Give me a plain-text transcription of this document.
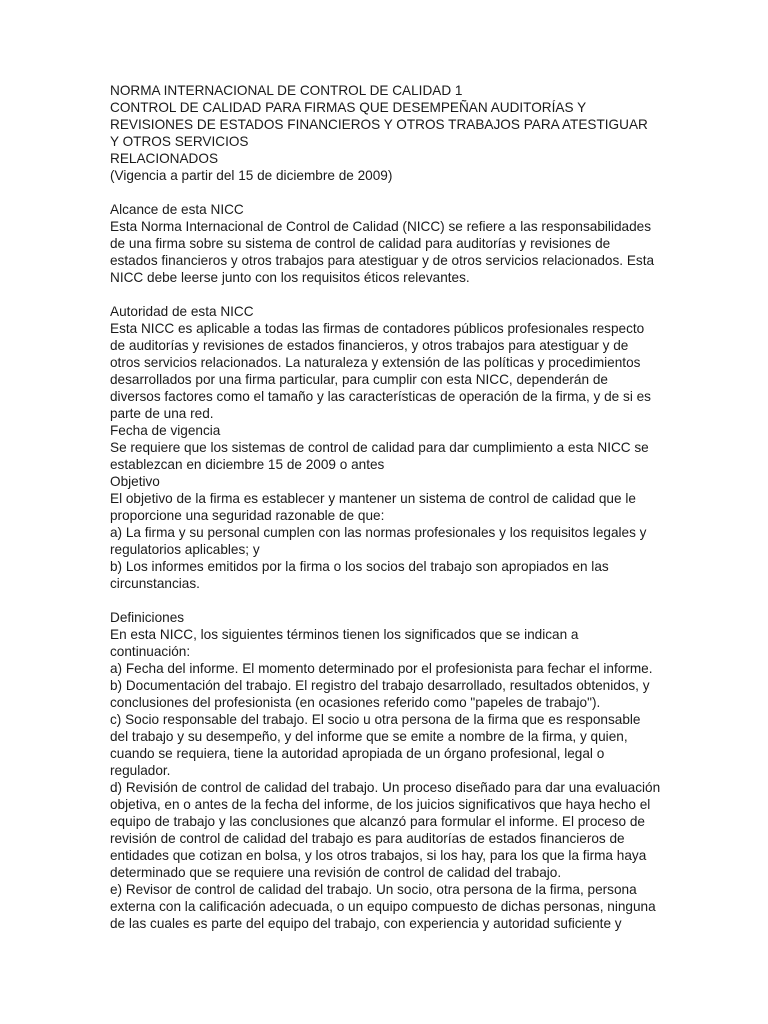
NORMA INTERNACIONAL DE CONTROL DE CALIDAD 1
CONTROL DE CALIDAD PARA FIRMAS QUE DESEMPEÑAN AUDITORÍAS Y
REVISIONES DE ESTADOS FINANCIEROS Y OTROS TRABAJOS PARA ATESTIGUAR
Y OTROS SERVICIOS
RELACIONADOS
(Vigencia a partir del 15 de diciembre de 2009)
Alcance de esta NICC
Esta Norma Internacional de Control de Calidad (NICC) se refiere a las responsabilidades
de una firma sobre su sistema de control de calidad para auditorías y revisiones de
estados financieros y otros trabajos para atestiguar y de otros servicios relacionados. Esta
NICC debe leerse junto con los requisitos éticos relevantes.
Autoridad de esta NICC
Esta NICC es aplicable a todas las firmas de contadores públicos profesionales respecto
de auditorías y revisiones de estados financieros, y otros trabajos para atestiguar y de
otros servicios relacionados. La naturaleza y extensión de las políticas y procedimientos
desarrollados por una firma particular, para cumplir con esta NICC, dependerán de
diversos factores como el tamaño y las características de operación de la firma, y de si es
parte de una red.
Fecha de vigencia
Se requiere que los sistemas de control de calidad para dar cumplimiento a esta NICC se
establezcan en diciembre 15 de 2009 o antes
Objetivo
El objetivo de la firma es establecer y mantener un sistema de control de calidad que le
proporcione una seguridad razonable de que:
a) La firma y su personal cumplen con las normas profesionales y los requisitos legales y
regulatorios aplicables; y
b) Los informes emitidos por la firma o los socios del trabajo son apropiados en las
circunstancias.
Definiciones
En esta NICC, los siguientes términos tienen los significados que se indican a
continuación:
a) Fecha del informe. El momento determinado por el profesionista para fechar el informe.
b) Documentación del trabajo. El registro del trabajo desarrollado, resultados obtenidos, y
conclusiones del profesionista (en ocasiones referido como "papeles de trabajo").
c) Socio responsable del trabajo. El socio u otra persona de la firma que es responsable
del trabajo y su desempeño, y del informe que se emite a nombre de la firma, y quien,
cuando se requiera, tiene la autoridad apropiada de un órgano profesional, legal o
regulador.
d) Revisión de control de calidad del trabajo. Un proceso diseñado para dar una evaluación
objetiva, en o antes de la fecha del informe, de los juicios significativos que haya hecho el
equipo de trabajo y las conclusiones que alcanzó para formular el informe. El proceso de
revisión de control de calidad del trabajo es para auditorías de estados financieros de
entidades que cotizan en bolsa, y los otros trabajos, si los hay, para los que la firma haya
determinado que se requiere una revisión de control de calidad del trabajo.
e) Revisor de control de calidad del trabajo. Un socio, otra persona de la firma, persona
externa con la calificación adecuada, o un equipo compuesto de dichas personas, ninguna
de las cuales es parte del equipo del trabajo, con experiencia y autoridad suficiente y
